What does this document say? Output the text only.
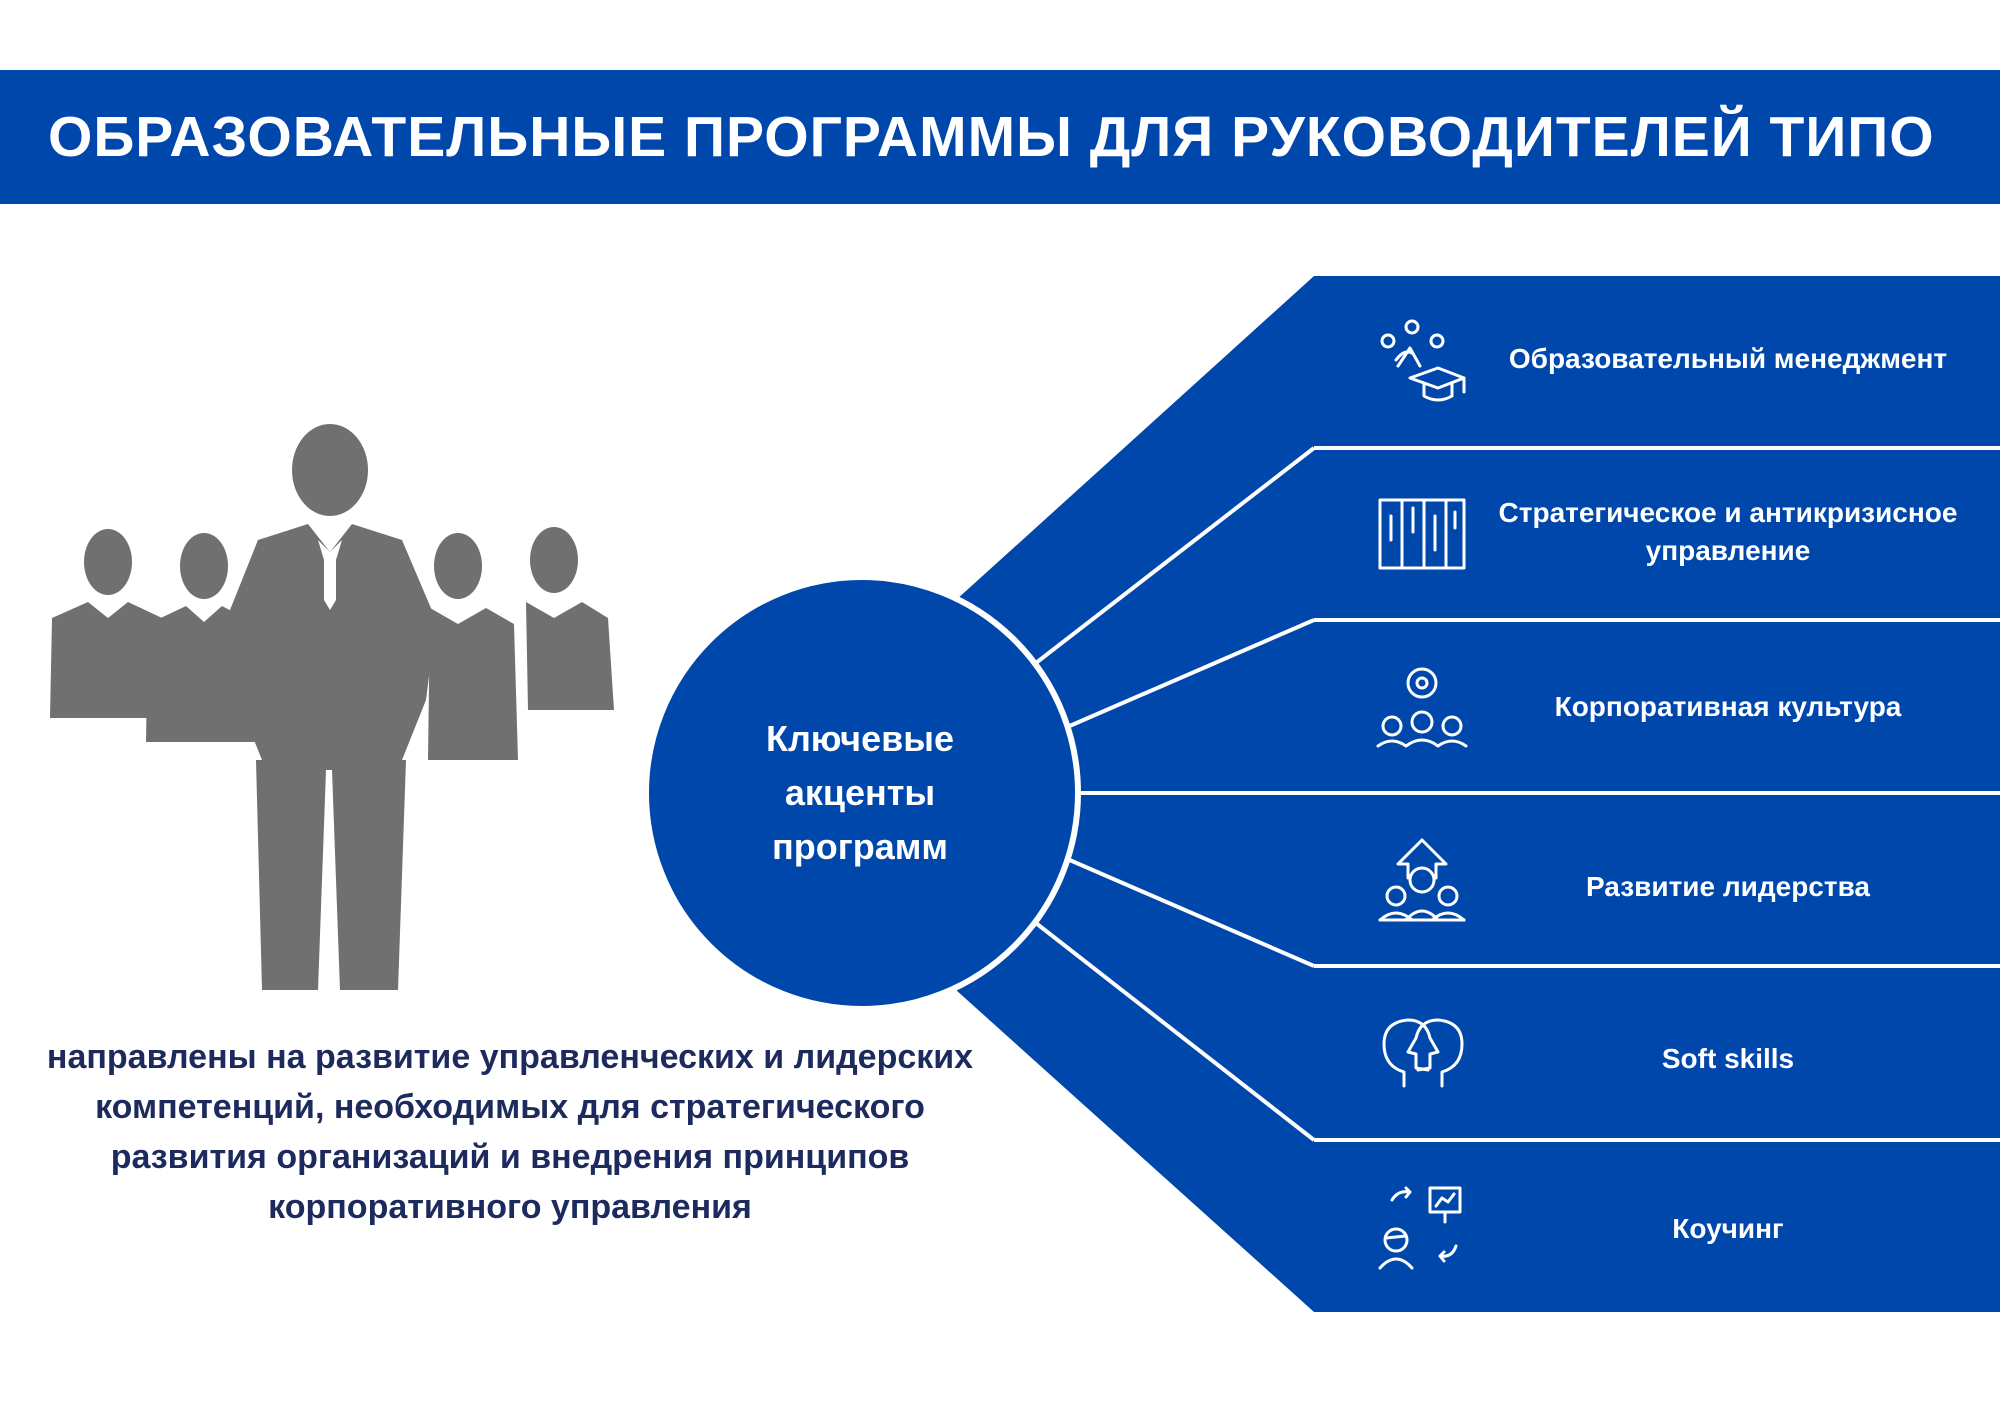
ОБРАЗОВАТЕЛЬНЫЕ ПРОГРАММЫ ДЛЯ РУКОВОДИТЕЛЕЙ ТИПО
Образовательный менеджмент
Стратегическое и антикризисное управление
Корпоративная культура
Развитие лидерства
Soft skills
Коучинг
Ключевые
акценты
программ
направлены на развитие управленческих и лидерских компетенций, необходимых для стратегического развития организаций и внедрения принципов корпоративного управления
